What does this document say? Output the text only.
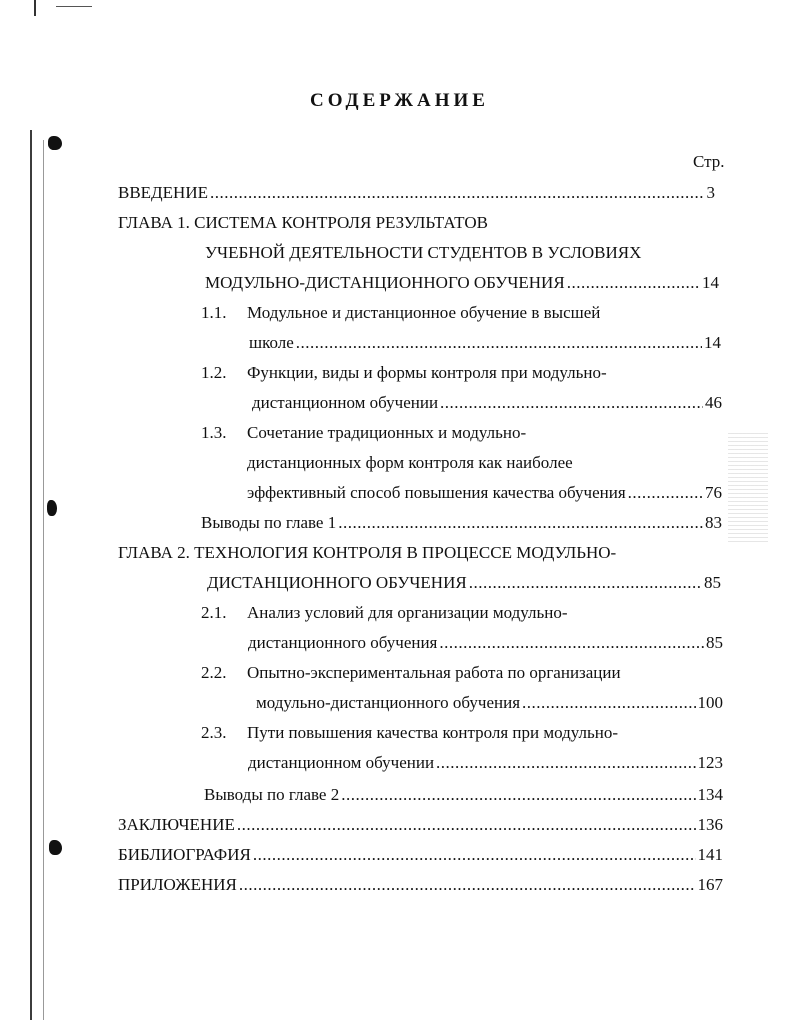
СОДЕРЖАНИЕ
Стр.
ВВЕДЕНИЕ .....	3
ГЛАВА 1. СИСТЕМА КОНТРОЛЯ РЕЗУЛЬТАТОВ
УЧЕБНОЙ ДЕЯТЕЛЬНОСТИ СТУДЕНТОВ В УСЛОВИЯХ
МОДУЛЬНО-ДИСТАНЦИОННОГО ОБУЧЕНИЯ .....	14
1.1.	Модульное и дистанционное обучение в высшей
школе .....	14
1.2.	Функции, виды и формы контроля при модульно-
дистанционном обучении .....	46
1.3.	Сочетание традиционных и модульно-
дистанционных форм контроля как наиболее
эффективный способ повышения качества обучения .....	76
Выводы по главе 1 .....	83
ГЛАВА 2. ТЕХНОЛОГИЯ КОНТРОЛЯ В ПРОЦЕССЕ МОДУЛЬНО-
ДИСТАНЦИОННОГО ОБУЧЕНИЯ .....	85
2.1.	Анализ условий для организации модульно-
дистанционного обучения .....	85
2.2.	Опытно-экспериментальная работа по организации
модульно-дистанционного обучения .....	100
2.3.	Пути повышения качества контроля при модульно-
дистанционном обучении .....	123
Выводы по главе 2 .....	134
ЗАКЛЮЧЕНИЕ .....	136
БИБЛИОГРАФИЯ .....	141
ПРИЛОЖЕНИЯ .....	167
